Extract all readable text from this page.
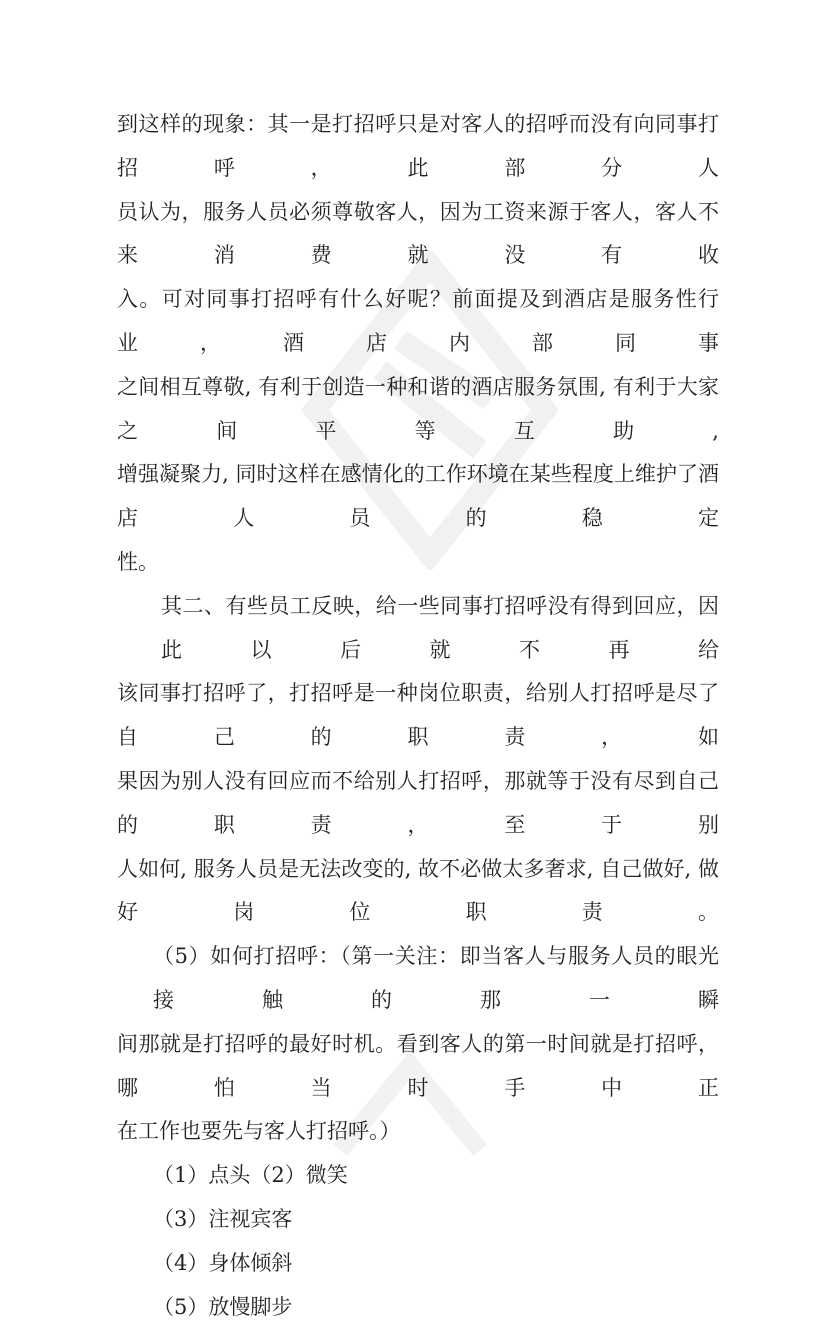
到这样的现象：其一是打招呼只是对客人的招呼而没有向同事打招呼，此部分人
员认为，服务人员必须尊敬客人，因为工资来源于客人，客人不来消费就没有收
入。可对同事打招呼有什么好呢？前面提及到酒店是服务性行业，酒店内部同事
之间相互尊敬, 有利于创造一种和谐的酒店服务氛围, 有利于大家之间平等互助,
增强凝聚力, 同时这样在感情化的工作环境在某些程度上维护了酒店人员的稳定
性。
其二、有些员工反映，给一些同事打招呼没有得到回应，因此以后就不再给
该同事打招呼了，打招呼是一种岗位职责，给别人打招呼是尽了自己的职责，如
果因为别人没有回应而不给别人打招呼，那就等于没有尽到自己的职责，至于别
人如何, 服务人员是无法改变的, 故不必做太多奢求, 自己做好, 做好岗位职责。
（5）如何打招呼：（第一关注：即当客人与服务人员的眼光接触的那一瞬
间那就是打招呼的最好时机。看到客人的第一时间就是打招呼，哪怕当时手中正
在工作也要先与客人打招呼。）
（1）点头（2）微笑
（3）注视宾客
（4）身体倾斜
（5）放慢脚步
